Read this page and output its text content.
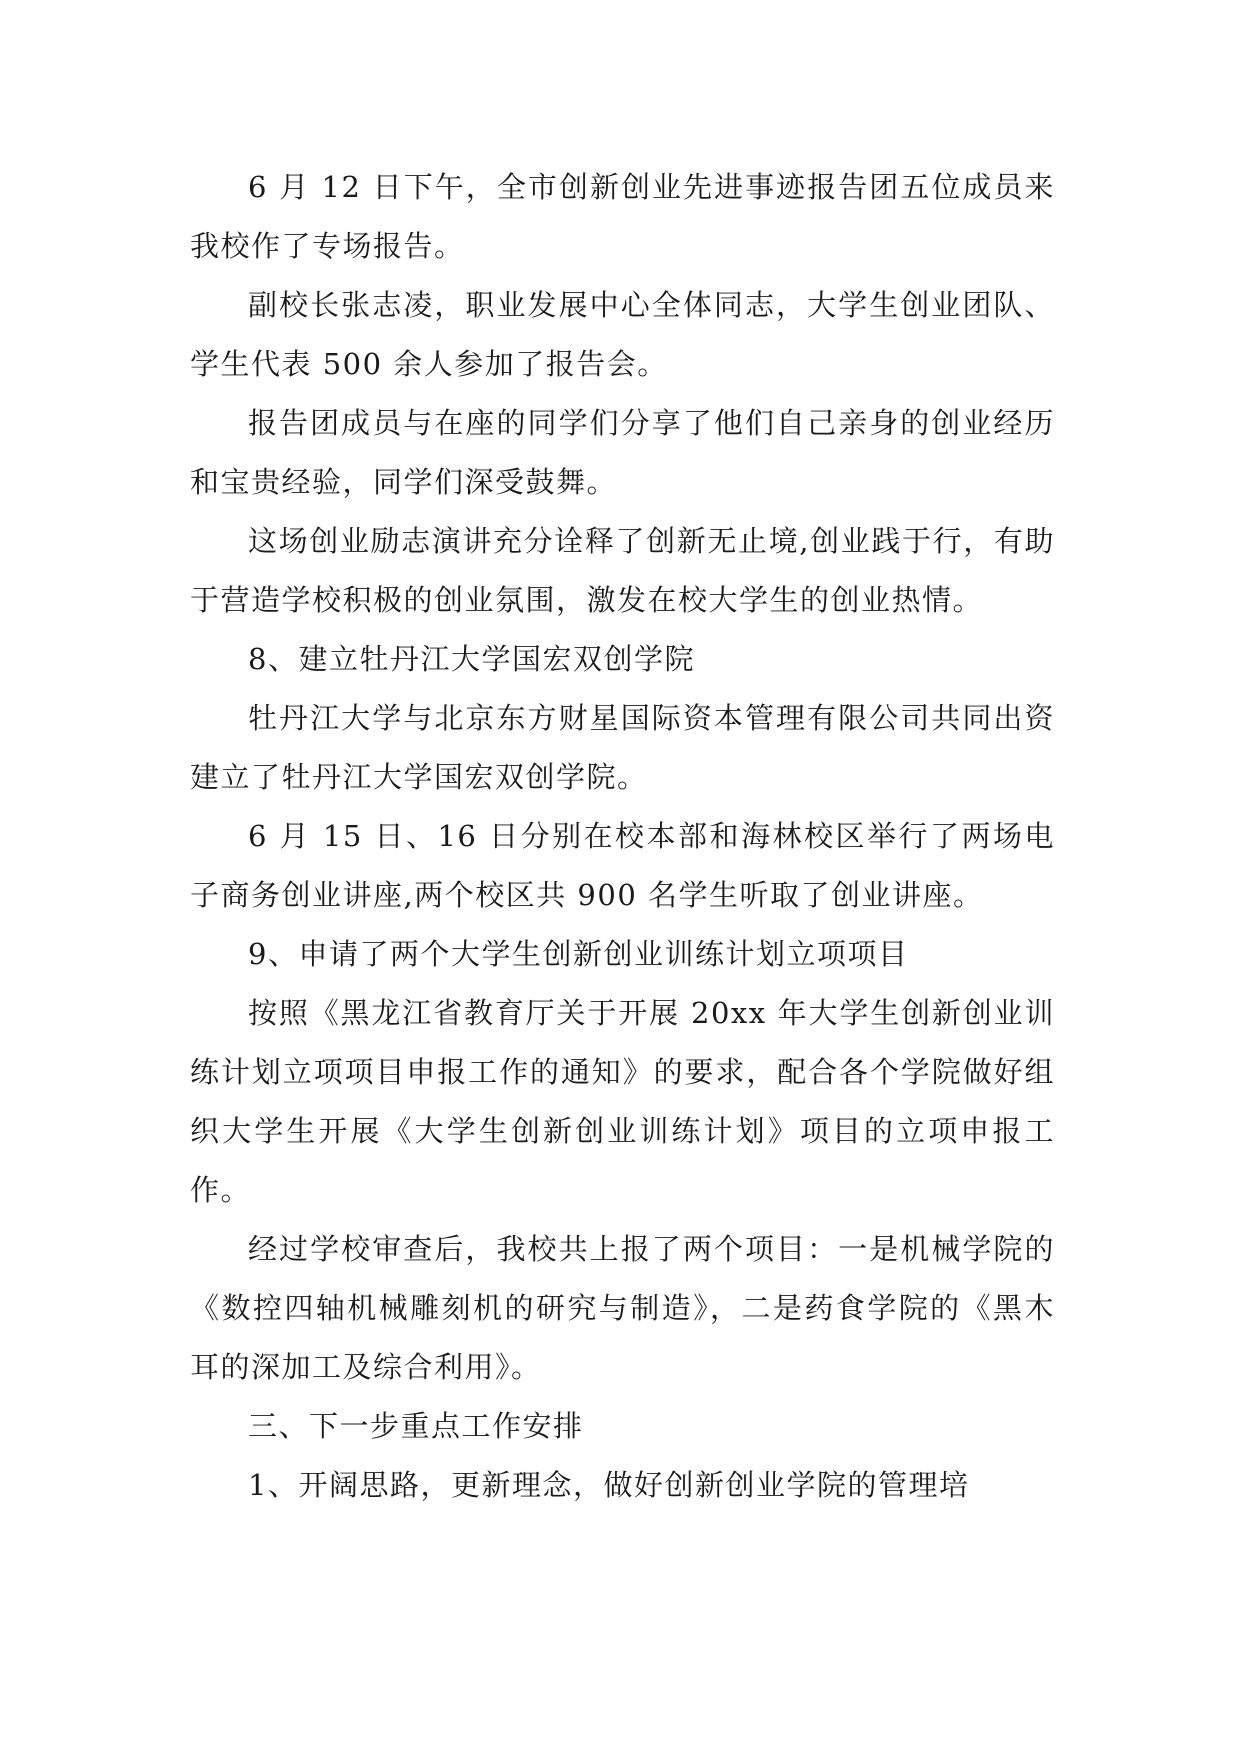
6 月 12 日下午，全市创新创业先进事迹报告团五位成员来我校作了专场报告。

副校长张志凌，职业发展中心全体同志，大学生创业团队、学生代表 500 余人参加了报告会。

报告团成员与在座的同学们分享了他们自己亲身的创业经历和宝贵经验，同学们深受鼓舞。

这场创业励志演讲充分诠释了创新无止境,创业践于行，有助于营造学校积极的创业氛围，激发在校大学生的创业热情。

8、建立牡丹江大学国宏双创学院

牡丹江大学与北京东方财星国际资本管理有限公司共同出资建立了牡丹江大学国宏双创学院。

6 月 15 日、16 日分别在校本部和海林校区举行了两场电子商务创业讲座,两个校区共 900 名学生听取了创业讲座。

9、申请了两个大学生创新创业训练计划立项项目

按照《黑龙江省教育厅关于开展 20xx 年大学生创新创业训练计划立项项目申报工作的通知》的要求，配合各个学院做好组织大学生开展《大学生创新创业训练计划》项目的立项申报工作。

经过学校审查后，我校共上报了两个项目：一是机械学院的《数控四轴机械雕刻机的研究与制造》，二是药食学院的《黑木耳的深加工及综合利用》。

三、下一步重点工作安排

1、开阔思路，更新理念，做好创新创业学院的管理培
